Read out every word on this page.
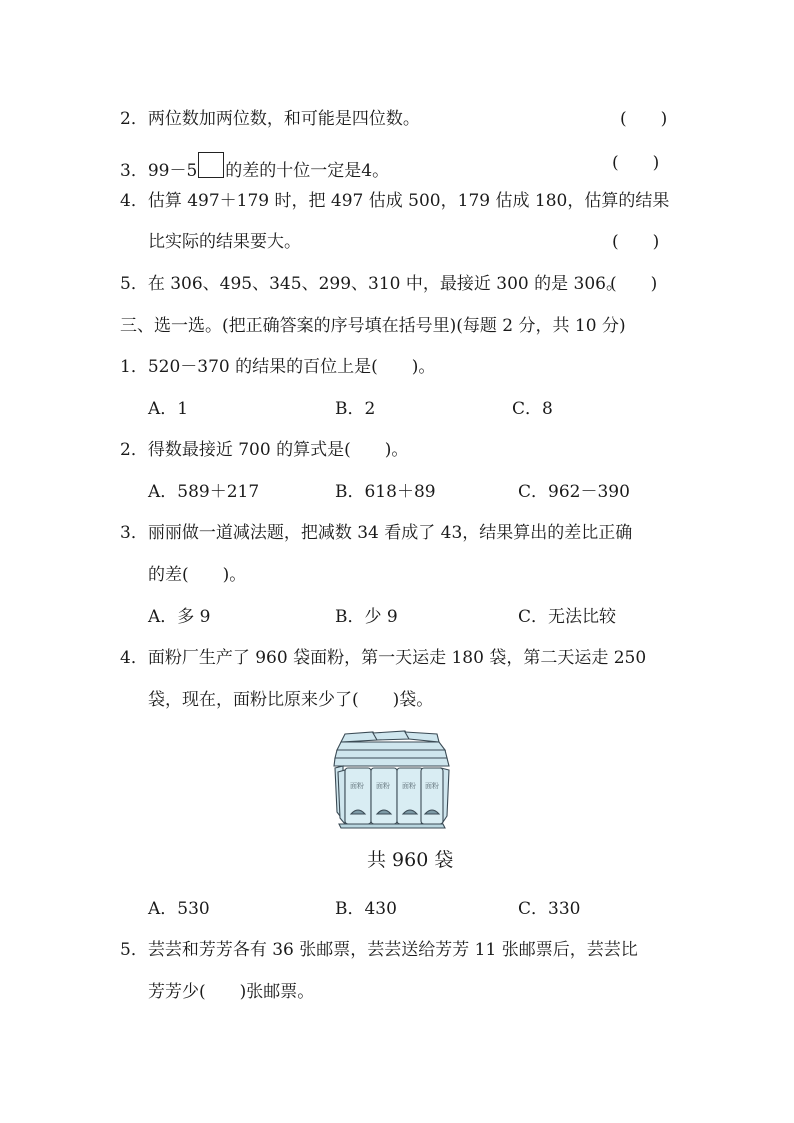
2．两位数加两位数，和可能是四位数。	(　　)
3．99－5 的差的十位一定是4。	(　　)
4．估算 497＋179 时，把 497 估成 500，179 估成 180，估算的结果
比实际的结果要大。	(　　)
5．在 306、495、345、299、310 中，最接近 300 的是 306。
(　　)
三、选一选。(把正确答案的序号填在括号里)(每题 2 分，共 10 分)
1．520－370 的结果的百位上是(　　)。
A．1	B．2	C．8
2．得数最接近 700 的算式是(　　)。
A．589＋217	B．618＋89	C．962－390
3．丽丽做一道减法题，把减数 34 看成了 43，结果算出的差比正确
的差(　　)。
A．多 9	B．少 9	C．无法比较
4．面粉厂生产了 960 袋面粉，第一天运走 180 袋，第二天运走 250
袋，现在，面粉比原来少了(　　)袋。
面粉 面粉 面粉 面粉
共 960 袋
A．530	B．430	C．330
5．芸芸和芳芳各有 36 张邮票，芸芸送给芳芳 11 张邮票后，芸芸比
芳芳少(　　)张邮票。
